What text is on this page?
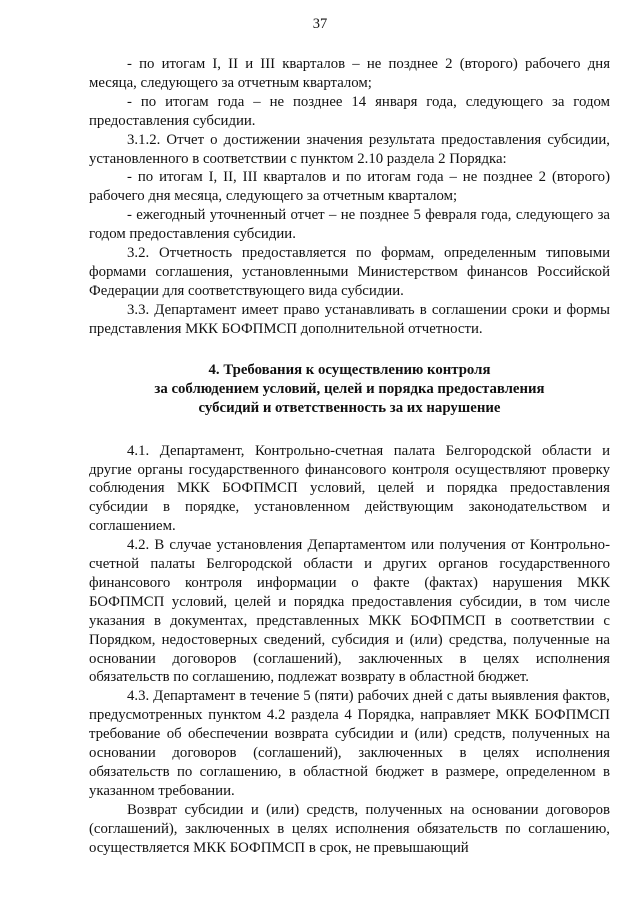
37

- по итогам I, II и III кварталов – не позднее 2 (второго) рабочего дня месяца, следующего за отчетным кварталом;

- по итогам года – не позднее 14 января года, следующего за годом предоставления субсидии.

3.1.2. Отчет о достижении значения результата предоставления субсидии, установленного в соответствии с пунктом 2.10 раздела 2 Порядка:

- по итогам I, II, III кварталов и по итогам года – не позднее 2 (второго) рабочего дня месяца, следующего за отчетным кварталом;

- ежегодный уточненный отчет – не позднее 5 февраля года, следующего за годом предоставления субсидии.

3.2. Отчетность предоставляется по формам, определенным типовыми формами соглашения, установленными Министерством финансов Российской Федерации для соответствующего вида субсидии.

3.3. Департамент имеет право устанавливать в соглашении сроки и формы представления МКК БОФПМСП дополнительной отчетности.

4. Требования к осуществлению контроля
за соблюдением условий, целей и порядка предоставления
субсидий и ответственность за их нарушение

4.1. Департамент, Контрольно-счетная палата Белгородской области и другие органы государственного финансового контроля осуществляют проверку соблюдения МКК БОФПМСП условий, целей и порядка предоставления субсидии в порядке, установленном действующим законодательством и соглашением.

4.2. В случае установления Департаментом или получения от Контрольно-счетной палаты Белгородской области и других органов государственного финансового контроля информации о факте (фактах) нарушения МКК БОФПМСП условий, целей и порядка предоставления субсидии, в том числе указания в документах, представленных МКК БОФПМСП в соответствии с Порядком, недостоверных сведений, субсидия и (или) средства, полученные на основании договоров (соглашений), заключенных в целях исполнения обязательств по соглашению, подлежат возврату в областной бюджет.

4.3. Департамент в течение 5 (пяти) рабочих дней с даты выявления фактов, предусмотренных пунктом 4.2 раздела 4 Порядка, направляет МКК БОФПМСП требование об обеспечении возврата субсидии и (или) средств, полученных на основании договоров (соглашений), заключенных в целях исполнения обязательств по соглашению, в областной бюджет в размере, определенном в указанном требовании.

Возврат субсидии и (или) средств, полученных на основании договоров (соглашений), заключенных в целях исполнения обязательств по соглашению, осуществляется МКК БОФПМСП в срок, не превышающий
